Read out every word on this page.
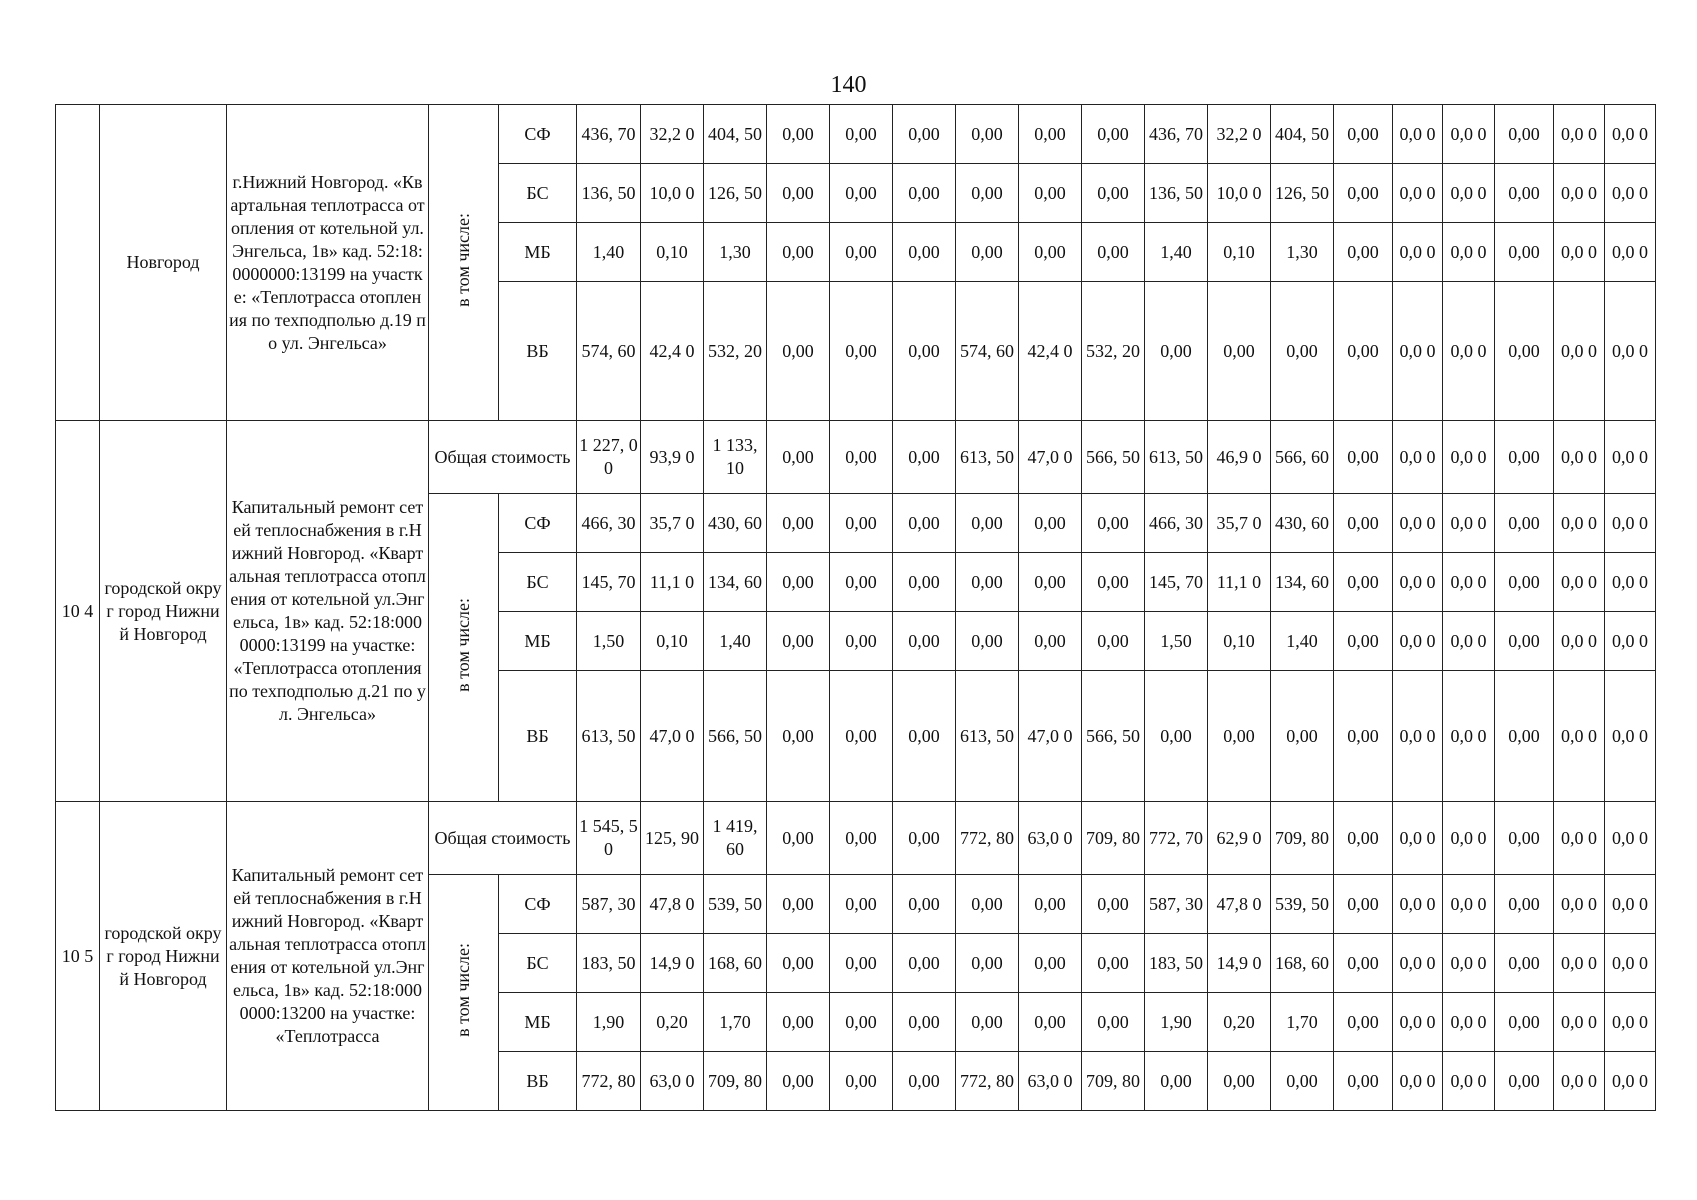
140
	Новгород	г.Нижний Новгород. «Квартальная теплотрасса отопления от котельной ул.Энгельса, 1в» кад. 52:18:0000000:13199 на участке: «Теплотрасса отопления по техподполью д.19 по ул. Энгельса»	в том числе:	СФ	436, 70	32,2 0	404, 50	0,00	0,00	0,00	0,00	0,00	0,00	436, 70	32,2 0	404, 50	0,00	0,0 0	0,0 0	0,00	0,0 0	0,0 0
				БС	136, 50	10,0 0	126, 50	0,00	0,00	0,00	0,00	0,00	0,00	136, 50	10,0 0	126, 50	0,00	0,0 0	0,0 0	0,00	0,0 0	0,0 0
				МБ	1,40	0,10	1,30	0,00	0,00	0,00	0,00	0,00	0,00	1,40	0,10	1,30	0,00	0,0 0	0,0 0	0,00	0,0 0	0,0 0
				ВБ	574, 60	42,4 0	532, 20	0,00	0,00	0,00	574, 60	42,4 0	532, 20	0,00	0,00	0,00	0,00	0,0 0	0,0 0	0,00	0,0 0	0,0 0
10 4	городской округ город Нижний Новгород	Капитальный ремонт сетей теплоснабжения в г.Нижний Новгород. «Квартальная теплотрасса отопления от котельной ул.Энгельса, 1в» кад. 52:18:0000000:13199 на участке: «Теплотрасса отопления по техподполью д.21 по ул. Энгельса»	Общая стоимость		1 227, 00	93,9 0	1 133, 10	0,00	0,00	0,00	613, 50	47,0 0	566, 50	613, 50	46,9 0	566, 60	0,00	0,0 0	0,0 0	0,00	0,0 0	0,0 0
			в том числе:	СФ	466, 30	35,7 0	430, 60	0,00	0,00	0,00	0,00	0,00	0,00	466, 30	35,7 0	430, 60	0,00	0,0 0	0,0 0	0,00	0,0 0	0,0 0
				БС	145, 70	11,1 0	134, 60	0,00	0,00	0,00	0,00	0,00	0,00	145, 70	11,1 0	134, 60	0,00	0,0 0	0,0 0	0,00	0,0 0	0,0 0
				МБ	1,50	0,10	1,40	0,00	0,00	0,00	0,00	0,00	0,00	1,50	0,10	1,40	0,00	0,0 0	0,0 0	0,00	0,0 0	0,0 0
				ВБ	613, 50	47,0 0	566, 50	0,00	0,00	0,00	613, 50	47,0 0	566, 50	0,00	0,00	0,00	0,00	0,0 0	0,0 0	0,00	0,0 0	0,0 0
10 5	городской округ город Нижний Новгород	Капитальный ремонт сетей теплоснабжения в г.Нижний Новгород. «Квартальная теплотрасса отопления от котельной ул.Энгельса, 1в» кад. 52:18:0000000:13200 на участке: «Теплотрасса	Общая стоимость		1 545, 50	125, 90	1 419, 60	0,00	0,00	0,00	772, 80	63,0 0	709, 80	772, 70	62,9 0	709, 80	0,00	0,0 0	0,0 0	0,00	0,0 0	0,0 0
			в том числе:	СФ	587, 30	47,8 0	539, 50	0,00	0,00	0,00	0,00	0,00	0,00	587, 30	47,8 0	539, 50	0,00	0,0 0	0,0 0	0,00	0,0 0	0,0 0
				БС	183, 50	14,9 0	168, 60	0,00	0,00	0,00	0,00	0,00	0,00	183, 50	14,9 0	168, 60	0,00	0,0 0	0,0 0	0,00	0,0 0	0,0 0
				МБ	1,90	0,20	1,70	0,00	0,00	0,00	0,00	0,00	0,00	1,90	0,20	1,70	0,00	0,0 0	0,0 0	0,00	0,0 0	0,0 0
				ВБ	772, 80	63,0 0	709, 80	0,00	0,00	0,00	772, 80	63,0 0	709, 80	0,00	0,00	0,00	0,00	0,0 0	0,0 0	0,00	0,0 0	0,0 0
